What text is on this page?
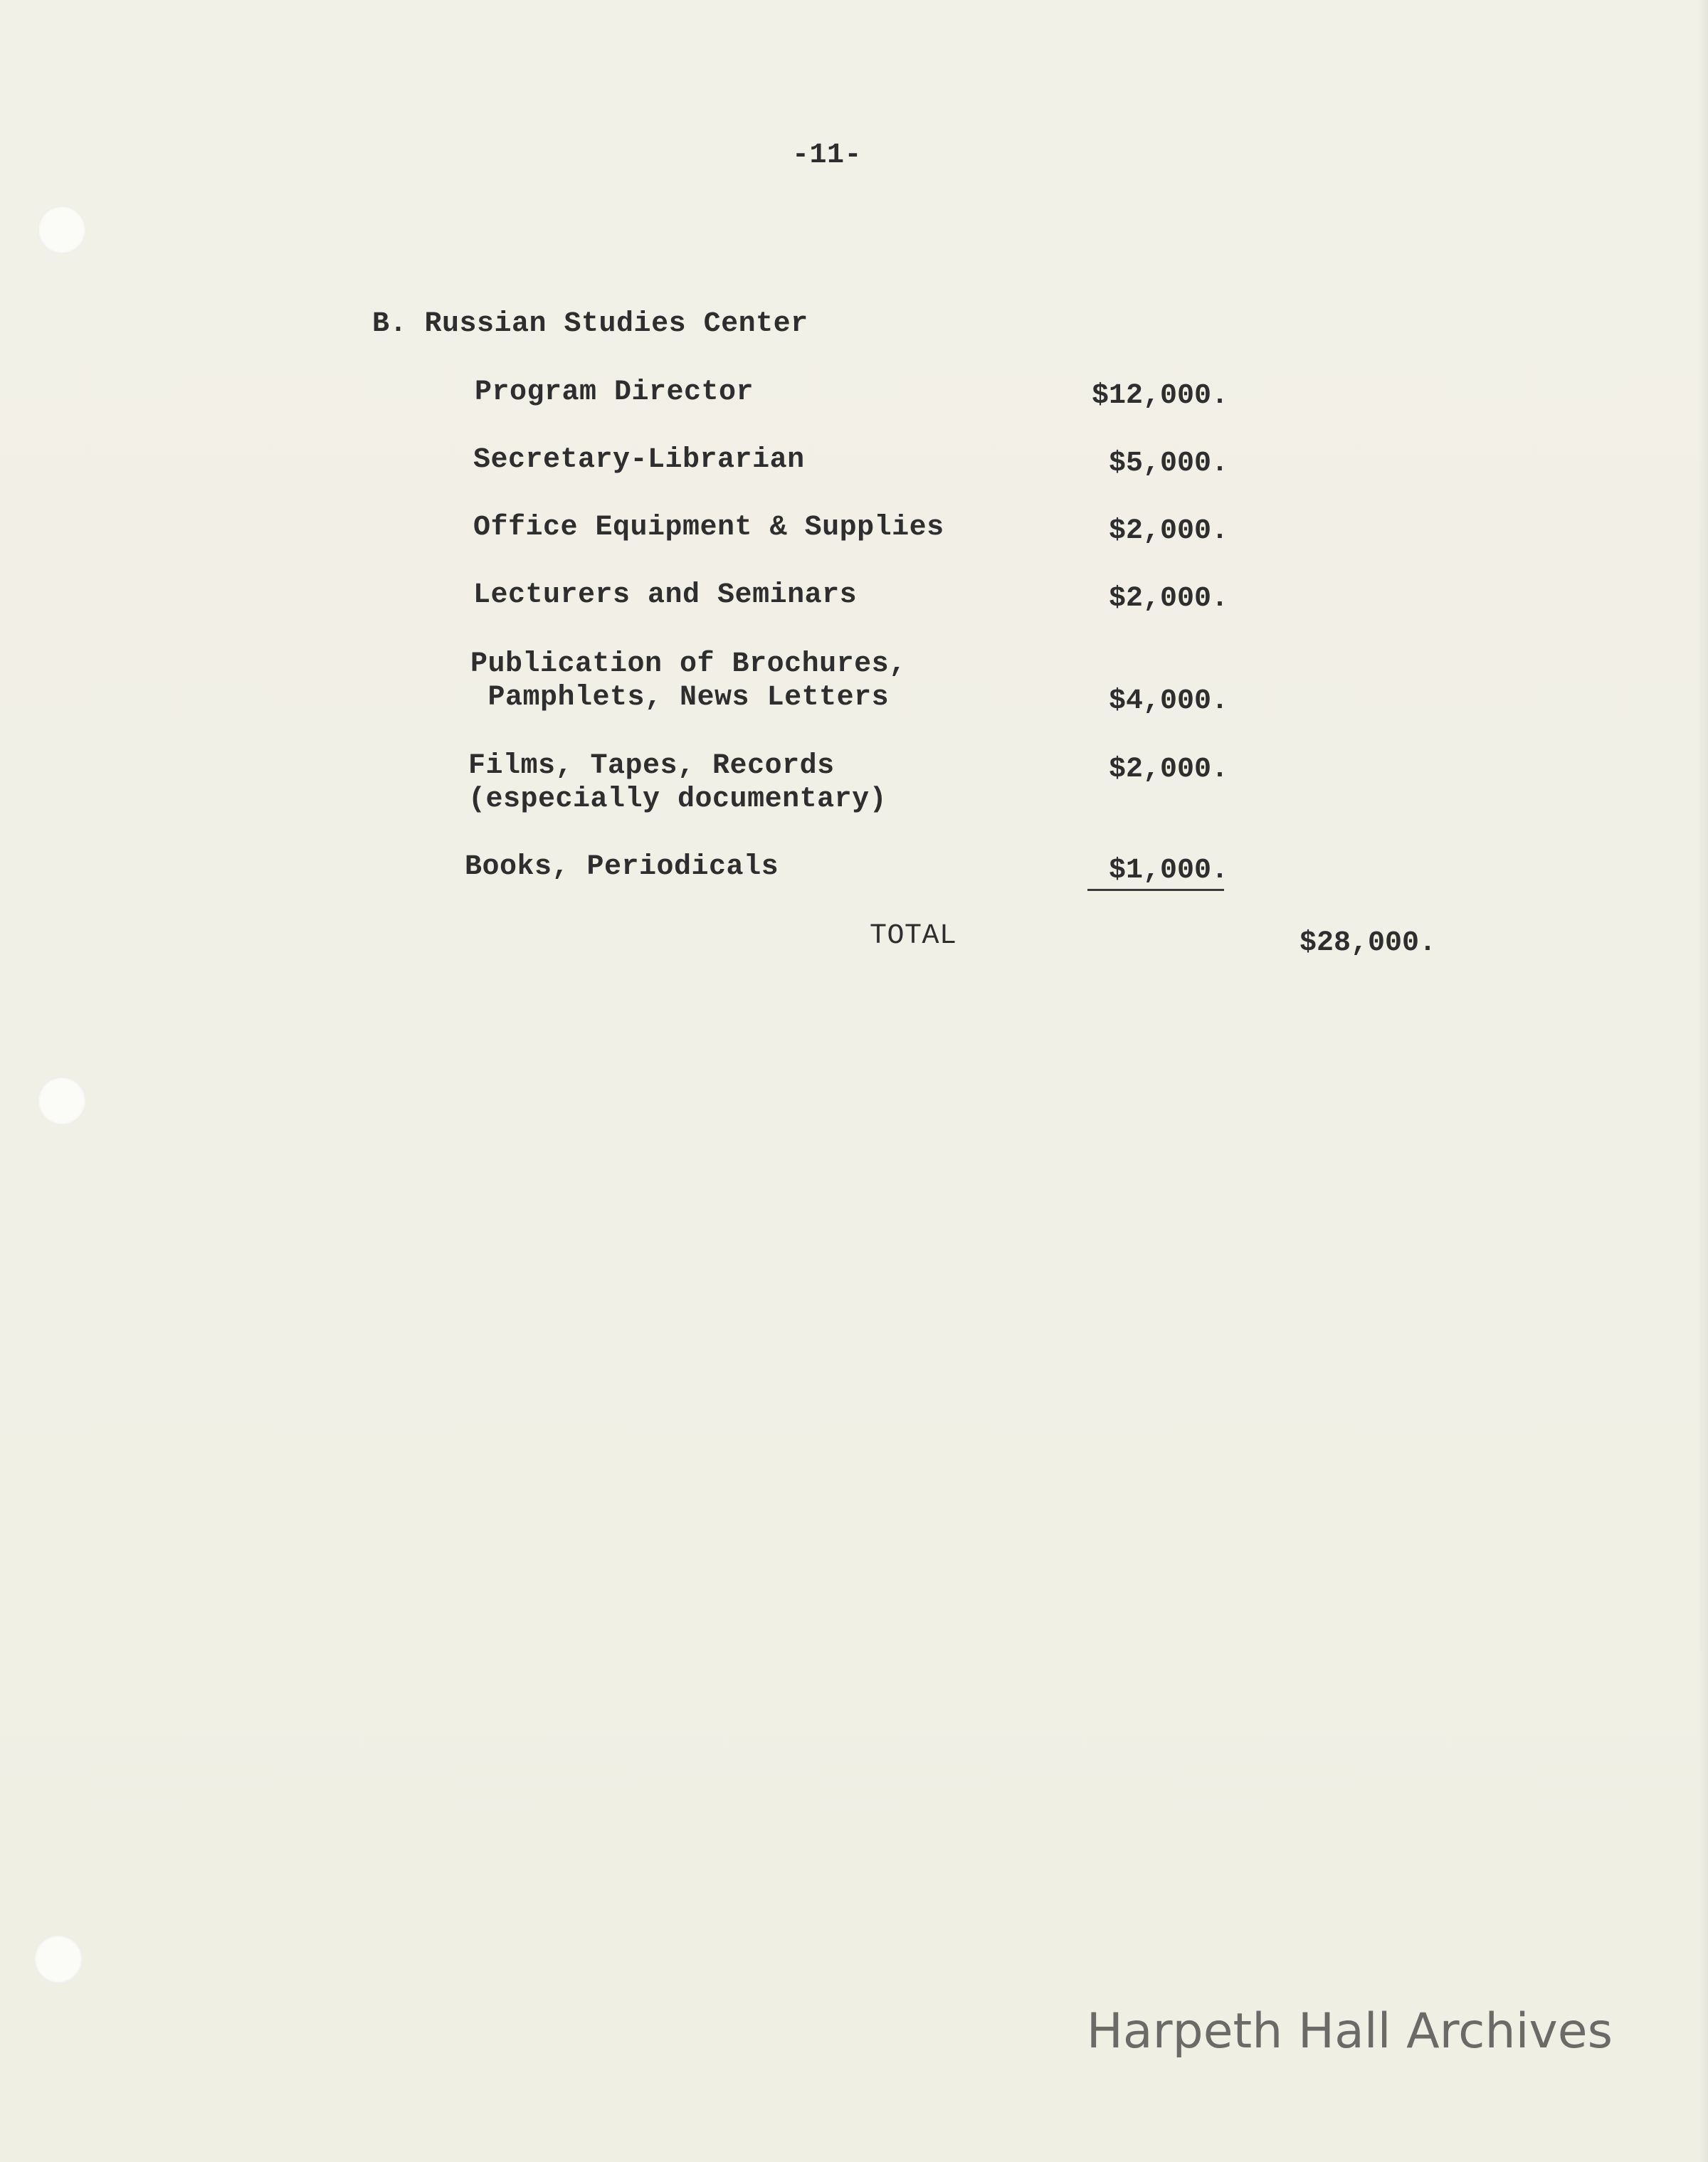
-11-
B. Russian Studies Center
Program Director	$12,000.
Secretary-Librarian	$5,000.
Office Equipment & Supplies	$2,000.
Lecturers and Seminars	$2,000.
Publication of Brochures,
Pamphlets, News Letters	$4,000.
Films, Tapes, Records
(especially documentary)
$2,000.
Books, Periodicals	$1,000.
TOTAL	$28,000.
Harpeth Hall Archives
